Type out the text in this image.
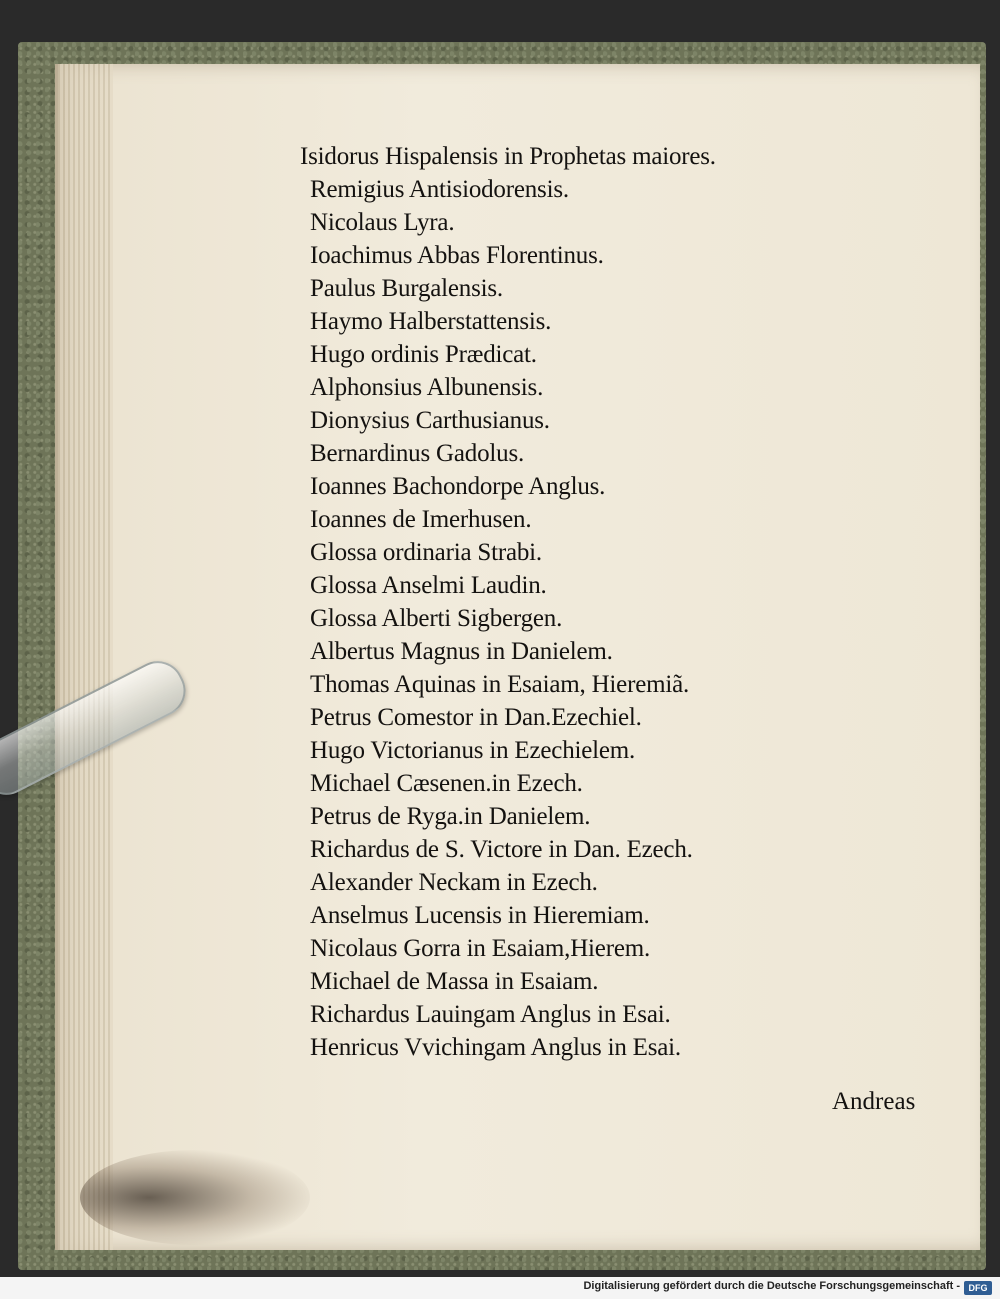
Isidorus Hispalensis in Prophetas maiores.
Remigius Antisiodorensis.
Nicolaus Lyra.
Ioachimus Abbas Florentinus.
Paulus Burgalensis.
Haymo Halberstattensis.
Hugo ordinis Prædicat.
Alphonsius Albunensis.
Dionysius Carthusianus.
Bernardinus Gadolus.
Ioannes Bachondorpe Anglus.
Ioannes de Imerhusen.
Glossa ordinaria Strabi.
Glossa Anselmi Laudin.
Glossa Alberti Sigbergen.
Albertus Magnus in Danielem.
Thomas Aquinas in Esaiam, Hieremiã.
Petrus Comestor in Dan.Ezechiel.
Hugo Victorianus in Ezechielem.
Michael Cæsenen.in Ezech.
Petrus de Ryga.in Danielem.
Richardus de S. Victore in Dan. Ezech.
Alexander Neckam in Ezech.
Anselmus Lucensis in Hieremiam.
Nicolaus Gorra in Esaiam,Hierem.
Michael de Massa in Esaiam.
Richardus Lauingam Anglus in Esai.
Henricus Vvichingam Anglus in Esai.
Andreas
Digitalisierung gefördert durch die Deutsche Forschungsgemeinschaft - DFG
